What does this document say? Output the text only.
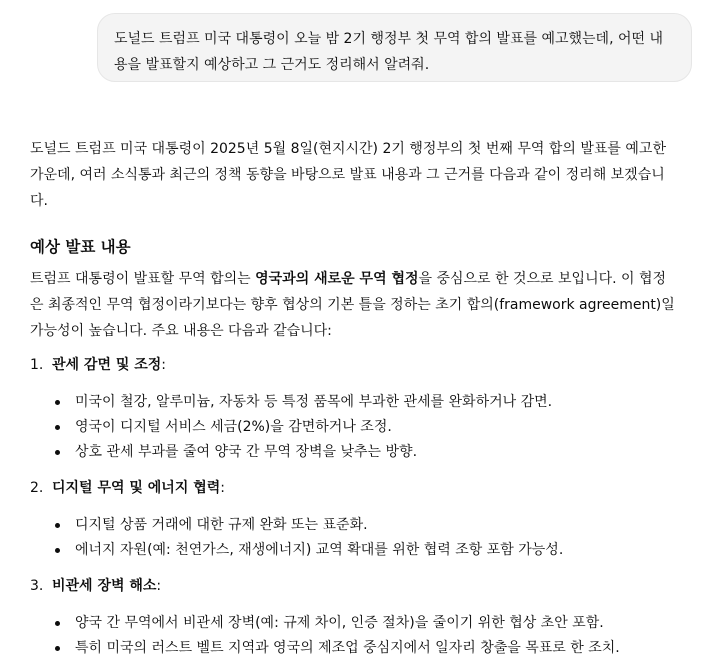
도널드 트럼프 미국 대통령이 오늘 밤 2기 행정부 첫 무역 합의 발표를 예고했는데, 어떤 내
용을 발표할지 예상하고 그 근거도 정리해서 알려줘.

도널드 트럼프 미국 대통령이 2025년 5월 8일(현지시간) 2기 행정부의 첫 번째 무역 합의 발표를 예고한
가운데, 여러 소식통과 최근의 정책 동향을 바탕으로 발표 내용과 그 근거를 다음과 같이 정리해 보겠습니
다.

예상 발표 내용

트럼프 대통령이 발표할 무역 합의는 영국과의 새로운 무역 협정을 중심으로 한 것으로 보입니다. 이 협정
은 최종적인 무역 협정이라기보다는 향후 협상의 기본 틀을 정하는 초기 합의(framework agreement)일
가능성이 높습니다. 주요 내용은 다음과 같습니다:

1. 관세 감면 및 조정 :
미국이 철강, 알루미늄, 자동차 등 특정 품목에 부과한 관세를 완화하거나 감면.
영국이 디지털 서비스 세금(2%)을 감면하거나 조정.
상호 관세 부과를 줄여 양국 간 무역 장벽을 낮추는 방향.
2. 디지털 무역 및 에너지 협력 :
디지털 상품 거래에 대한 규제 완화 또는 표준화.
에너지 자원(예: 천연가스, 재생에너지) 교역 확대를 위한 협력 조항 포함 가능성.
3. 비관세 장벽 해소 :
양국 간 무역에서 비관세 장벽(예: 규제 차이, 인증 절차)을 줄이기 위한 협상 초안 포함.
특히 미국의 러스트 벨트 지역과 영국의 제조업 중심지에서 일자리 창출을 목표로 한 조치.
